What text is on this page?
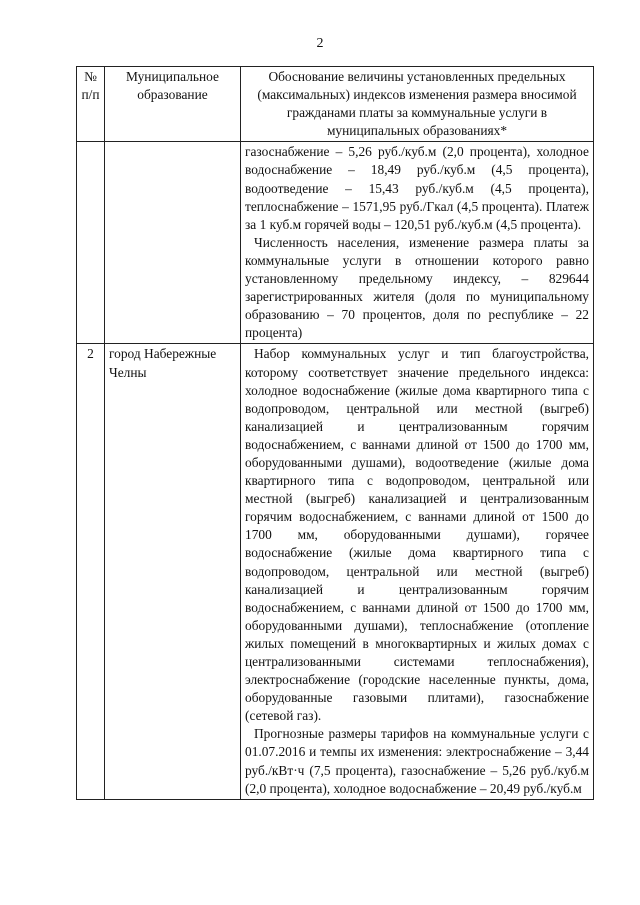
2
№ п/п	Муниципальное образование	Обоснование величины установленных предельных (максимальных) индексов изменения размера вносимой гражданами платы за коммунальные услуги в муниципальных образованиях*

		газоснабжение – 5,26 руб./куб.м (2,0 процента), холодное водоснабжение – 18,49 руб./куб.м (4,5 процента), водоотведение – 15,43 руб./куб.м (4,5 процента), теплоснабжение – 1571,95 руб./Гкал (4,5 процента). Платеж за 1 куб.м горячей воды – 120,51 руб./куб.м (4,5 процента).

Численность населения, изменение размера платы за коммунальные услуги в отношении которого равно установленному предельному индексу, – 829644 зарегистрированных жителя (доля по муниципальному образованию – 70 процентов, доля по республике – 22 процента)

2	город Набережные Челны	Набор коммунальных услуг и тип благоустройства, которому соответствует значение предельного индекса: холодное водоснабжение (жилые дома квартирного типа с водопроводом, центральной или местной (выгреб) канализацией и централизованным горячим водоснабжением, с ваннами длиной от 1500 до 1700 мм, оборудованными душами), водоотведение (жилые дома квартирного типа с водопроводом, центральной или местной (выгреб) канализацией и централизованным горячим водоснабжением, с ваннами длиной от 1500 до 1700 мм, оборудованными душами), горячее водоснабжение (жилые дома квартирного типа с водопроводом, центральной или местной (выгреб) канализацией и централизованным горячим водоснабжением, с ваннами длиной от 1500 до 1700 мм, оборудованными душами), теплоснабжение (отопление жилых помещений в многоквартирных и жилых домах с централизованными системами теплоснабжения), электроснабжение (городские населенные пункты, дома, оборудованные газовыми плитами), газоснабжение (сетевой газ).

Прогнозные размеры тарифов на коммунальные услуги с 01.07.2016 и темпы их изменения: электроснабжение – 3,44 руб./кВт·ч (7,5 процента), газоснабжение – 5,26 руб./куб.м (2,0 процента), холодное водоснабжение – 20,49 руб./куб.м
